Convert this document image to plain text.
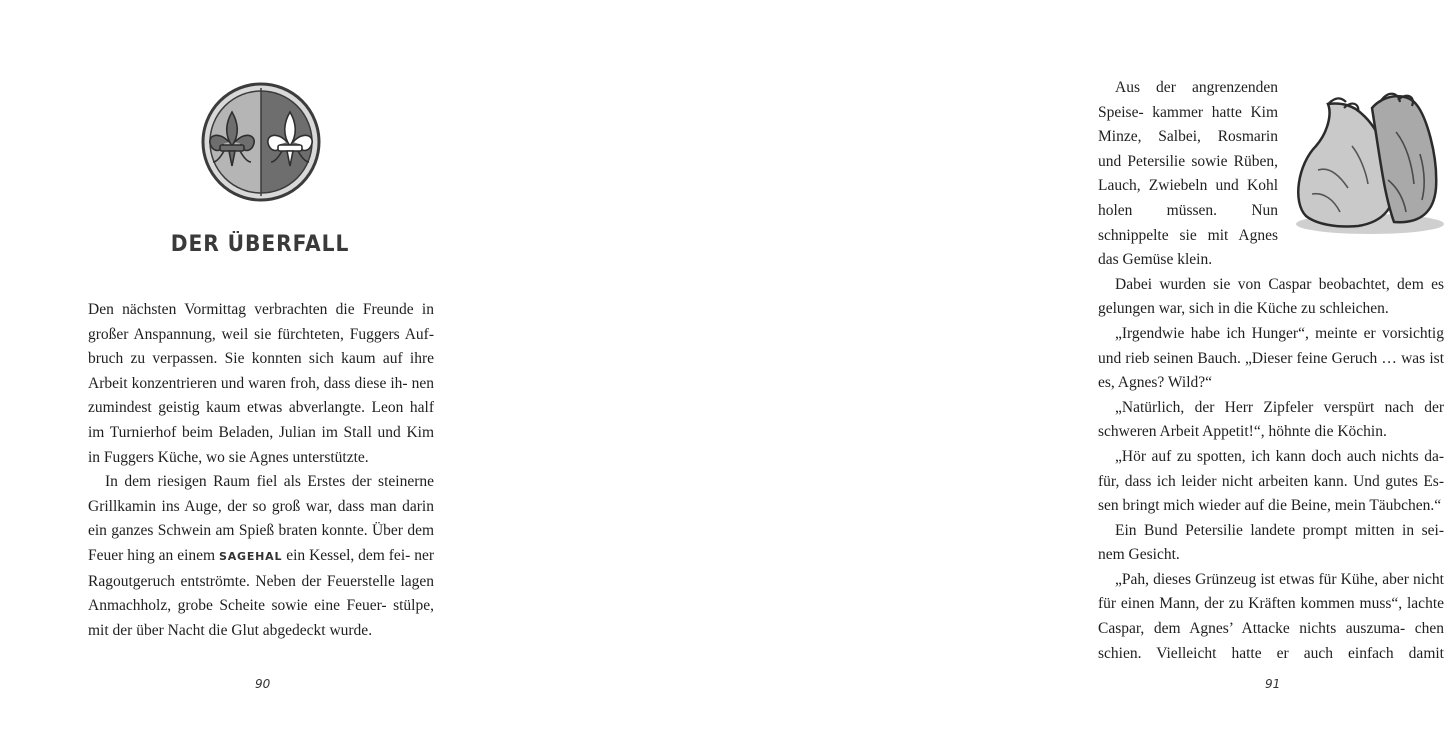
DER ÜBERFALL

Den nächsten Vormittag verbrachten die Freunde in großer Anspannung, weil sie fürchteten, Fuggers Auf- bruch zu verpassen. Sie konnten sich kaum auf ihre Arbeit konzentrieren und waren froh, dass diese ih- nen zumindest geistig kaum etwas abverlangte. Leon half im Turnierhof beim Beladen, Julian im Stall und Kim in Fuggers Küche, wo sie Agnes unterstützte.

In dem riesigen Raum fiel als Erstes der steinerne Grillkamin ins Auge, der so groß war, dass man darin ein ganzes Schwein am Spieß braten konnte. Über dem Feuer hing an einem SAGEHAL ein Kessel, dem fei- ner Ragoutgeruch entströmte. Neben der Feuerstelle lagen Anmachholz, grobe Scheite sowie eine Feuer- stülpe, mit der über Nacht die Glut abgedeckt wurde.

90

Aus der angrenzenden Speise- kammer hatte Kim Minze, Salbei, Rosmarin und Petersilie sowie Rüben, Lauch, Zwiebeln und Kohl holen müssen. Nun schnippelte sie mit Agnes das Gemüse klein.

Dabei wurden sie von Caspar beobachtet, dem es gelungen war, sich in die Küche zu schleichen.

„Irgendwie habe ich Hunger“, meinte er vorsichtig und rieb seinen Bauch. „Dieser feine Geruch … was ist es, Agnes? Wild?“

„Natürlich, der Herr Zipfeler verspürt nach der schweren Arbeit Appetit!“, höhnte die Köchin.

„Hör auf zu spotten, ich kann doch auch nichts da- für, dass ich leider nicht arbeiten kann. Und gutes Es- sen bringt mich wieder auf die Beine, mein Täubchen.“

Ein Bund Petersilie landete prompt mitten in sei- nem Gesicht.

„Pah, dieses Grünzeug ist etwas für Kühe, aber nicht für einen Mann, der zu Kräften kommen muss“, lachte Caspar, dem Agnes’ Attacke nichts auszuma- chen schien. Vielleicht hatte er auch einfach damit

91
